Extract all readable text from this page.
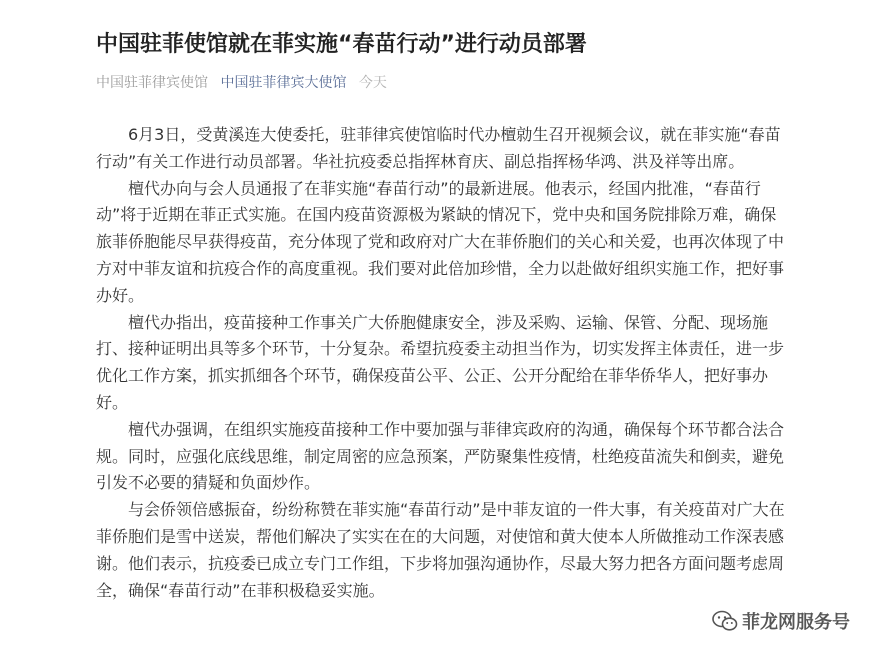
中国驻菲使馆就在菲实施“春苗行动”进行动员部署
中国驻菲律宾使馆 中国驻菲律宾大使馆 今天

6月3日，受黄溪连大使委托，驻菲律宾使馆临时代办檀勍生召开视频会议，就在菲实施“春苗行动”有关工作进行动员部署。华社抗疫委总指挥林育庆、副总指挥杨华鸿、洪及祥等出席。

檀代办向与会人员通报了在菲实施“春苗行动”的最新进展。他表示，经国内批准，“春苗行动”将于近期在菲正式实施。在国内疫苗资源极为紧缺的情况下，党中央和国务院排除万难，确保旅菲侨胞能尽早获得疫苗，充分体现了党和政府对广大在菲侨胞们的关心和关爱，也再次体现了中方对中菲友谊和抗疫合作的高度重视。我们要对此倍加珍惜，全力以赴做好组织实施工作，把好事办好。

檀代办指出，疫苗接种工作事关广大侨胞健康安全，涉及采购、运输、保管、分配、现场施打、接种证明出具等多个环节，十分复杂。希望抗疫委主动担当作为，切实发挥主体责任，进一步优化工作方案，抓实抓细各个环节，确保疫苗公平、公正、公开分配给在菲华侨华人，把好事办好。

檀代办强调，在组织实施疫苗接种工作中要加强与菲律宾政府的沟通，确保每个环节都合法合规。同时，应强化底线思维，制定周密的应急预案，严防聚集性疫情，杜绝疫苗流失和倒卖，避免引发不必要的猜疑和负面炒作。

与会侨领倍感振奋，纷纷称赞在菲实施“春苗行动”是中菲友谊的一件大事，有关疫苗对广大在菲侨胞们是雪中送炭，帮他们解决了实实在在的大问题，对使馆和黄大使本人所做推动工作深表感谢。他们表示，抗疫委已成立专门工作组，下步将加强沟通协作，尽最大努力把各方面问题考虑周全，确保“春苗行动”在菲积极稳妥实施。

菲龙网服务号
